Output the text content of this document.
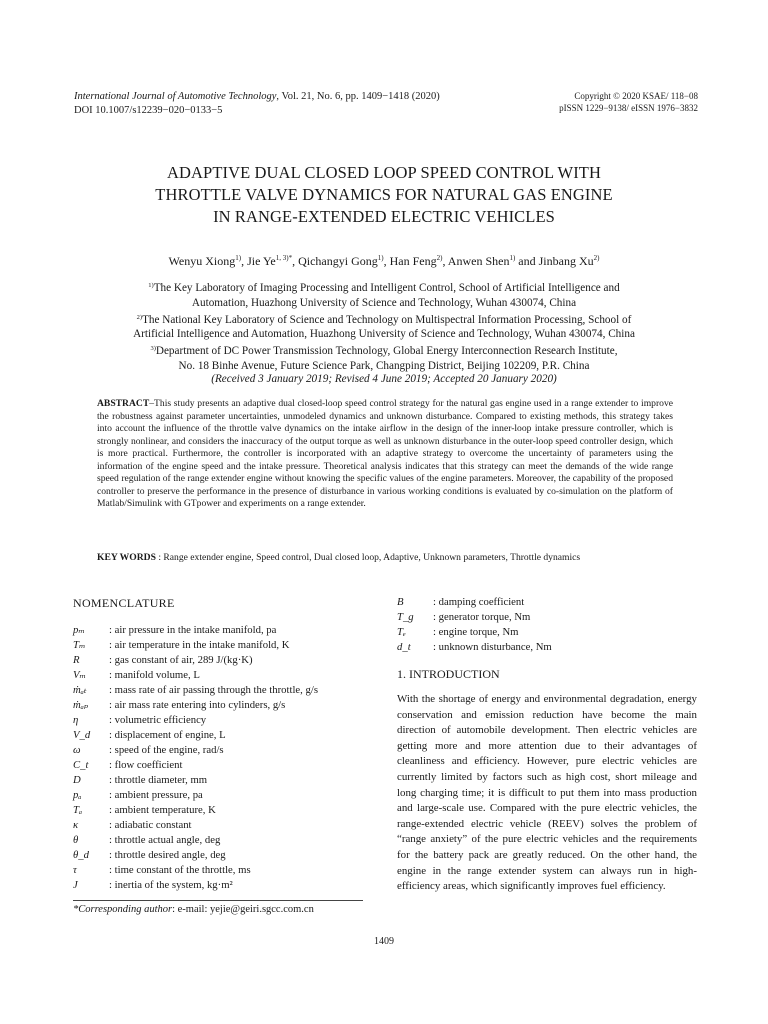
International Journal of Automotive Technology, Vol. 21, No. 6, pp. 1409−1418 (2020)
DOI 10.1007/s12239−020−0133−5
Copyright © 2020 KSAE/ 118−08
pISSN 1229−9138/ eISSN 1976−3832
ADAPTIVE DUAL CLOSED LOOP SPEED CONTROL WITH
THROTTLE VALVE DYNAMICS FOR NATURAL GAS ENGINE
IN RANGE-EXTENDED ELECTRIC VEHICLES
Wenyu Xiong$^{1)}$, Jie $Ye^{1, 3)*}$, Qichangyi Gong$^{1)}$, Han Feng$^{2)}$, Anwen Shen$^{1)}$ and Jinbang Xu$^{2)}$
$^{1)}$The Key Laboratory of Imaging Processing and Intelligent Control, School of Artificial Intelligence and
Automation, Huazhong University of Science and Technology, Wuhan 430074, China
$^{2)}$The National Key Laboratory of Science and Technology on Multispectral Information Processing, School of
Artificial Intelligence and Automation, Huazhong University of Science and Technology, Wuhan 430074, China
$^{3)}$Department of DC Power Transmission Technology, Global Energy Interconnection Research Institute,
No. 18 Binhe Avenue, Future Science Park, Changping District, Beijing 102209, P.R. China
(Received 3 January 2019; Revised 4 June 2019; Accepted 20 January 2020)
ABSTRACT–This study presents an adaptive dual closed-loop speed control strategy for the natural gas engine used in a range extender to improve the robustness against parameter uncertainties, unmodeled dynamics and unknown disturbance. Compared to existing methods, this strategy takes into account the influence of the throttle valve dynamics on the intake airflow in the design of the inner-loop intake pressure controller, which is strongly nonlinear, and considers the inaccuracy of the output torque as well as unknown disturbance in the outer-loop speed controller design, which is more practical. Furthermore, the controller is incorporated with an adaptive strategy to overcome the uncertainty of parameters using the information of the engine speed and the intake pressure. Theoretical analysis indicates that this strategy can meet the demands of the wide range speed regulation of the range extender engine without knowing the specific values of the engine parameters. Moreover, the capability of the proposed controller to preserve the performance in the presence of disturbance in various working conditions is evaluated by co-simulation on the platform of Matlab/Simulink with GTpower and experiments on a range extender.
KEY WORDS : Range extender engine, Speed control, Dual closed loop, Adaptive, Unknown parameters, Throttle dynamics
NOMENCLATURE
pₘ	: air pressure in the intake manifold, pa
Tₘ	: air temperature in the intake manifold, K
R	: gas constant of air, 289 J/(kg·K)
Vₘ	: manifold volume, L
ṁₐₜ	: mass rate of air passing through the throttle, g/s
ṁₐₚ	: air mass rate entering into cylinders, g/s
η	: volumetric efficiency
V_d	: displacement of engine, L
ω	: speed of the engine, rad/s
C_t	: flow coefficient
D	: throttle diameter, mm
pₐ	: ambient pressure, pa
Tₐ	: ambient temperature, K
κ	: adiabatic constant
θ	: throttle actual angle, deg
θ_d	: throttle desired angle, deg
τ	: time constant of the throttle, ms
J	: inertia of the system, kg·m²
B	: damping coefficient
T_g	: generator torque, Nm
Tₑ	: engine torque, Nm
d_t	: unknown disturbance, Nm
1. INTRODUCTION
With the shortage of energy and environmental degradation, energy conservation and emission reduction have become the main direction of automobile development. Then electric vehicles are getting more and more attention due to their advantages of cleanliness and efficiency. However, pure electric vehicles are currently limited by factors such as high cost, short mileage and long charging time; it is difficult to put them into mass production and large-scale use. Compared with the pure electric vehicles, the range-extended electric vehicle (REEV) solves the problem of “range anxiety” of the pure electric vehicles and the requirements for the battery pack are greatly reduced. On the other hand, the engine in the range extender system can always run in high-efficiency areas, which significantly improves fuel efficiency.
*Corresponding author: e-mail: yejie@geiri.sgcc.com.cn
1409
